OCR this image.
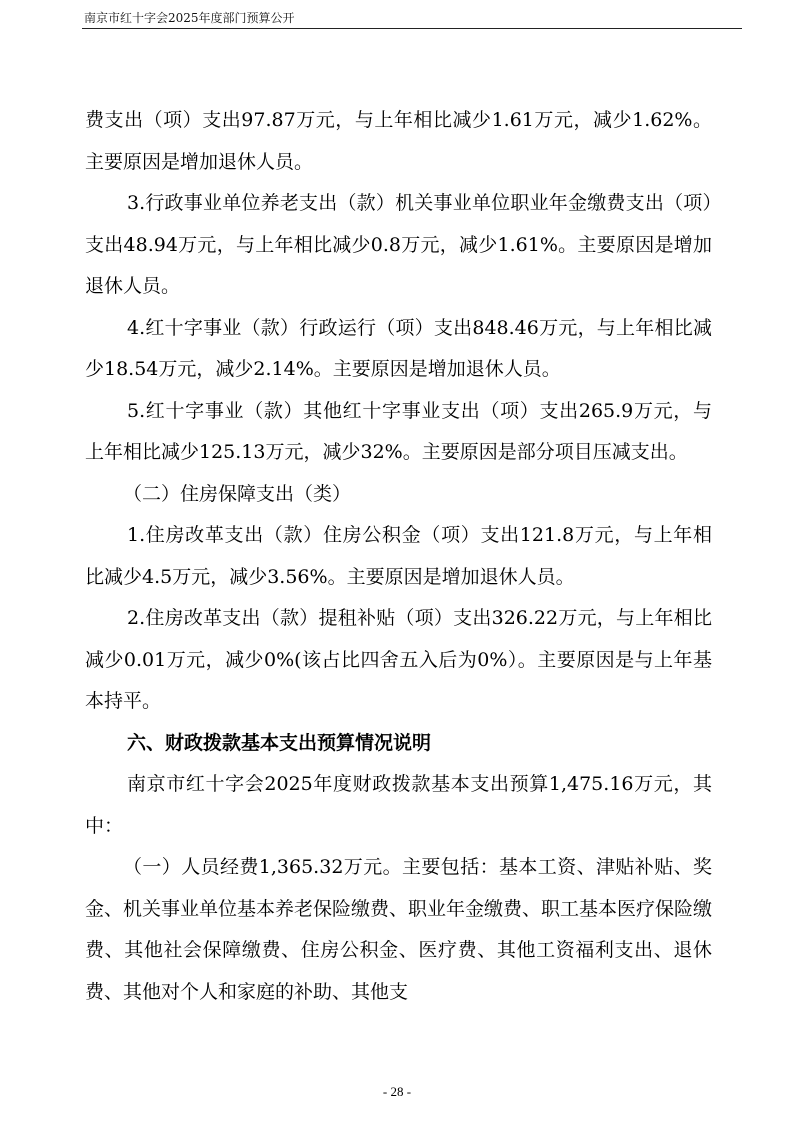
南京市红十字会2025年度部门预算公开

费支出（项）支出97.87万元，与上年相比减少1.61万元，减少1.62%。主要原因是增加退休人员。

3.行政事业单位养老支出（款）机关事业单位职业年金缴费支出（项）支出48.94万元，与上年相比减少0.8万元，减少1.61%。主要原因是增加退休人员。

4.红十字事业（款）行政运行（项）支出848.46万元，与上年相比减少18.54万元，减少2.14%。主要原因是增加退休人员。

5.红十字事业（款）其他红十字事业支出（项）支出265.9万元，与上年相比减少125.13万元，减少32%。主要原因是部分项目压减支出。

（二）住房保障支出（类）

1.住房改革支出（款）住房公积金（项）支出121.8万元，与上年相比减少4.5万元，减少3.56%。主要原因是增加退休人员。

2.住房改革支出（款）提租补贴（项）支出326.22万元，与上年相比减少0.01万元，减少0%(该占比四舍五入后为0%）。主要原因是与上年基本持平。

六、财政拨款基本支出预算情况说明

南京市红十字会2025年度财政拨款基本支出预算1,475.16万元，其中：

（一）人员经费1,365.32万元。主要包括：基本工资、津贴补贴、奖金、机关事业单位基本养老保险缴费、职业年金缴费、职工基本医疗保险缴费、其他社会保障缴费、住房公积金、医疗费、其他工资福利支出、退休费、其他对个人和家庭的补助、其他支

- 28 -
